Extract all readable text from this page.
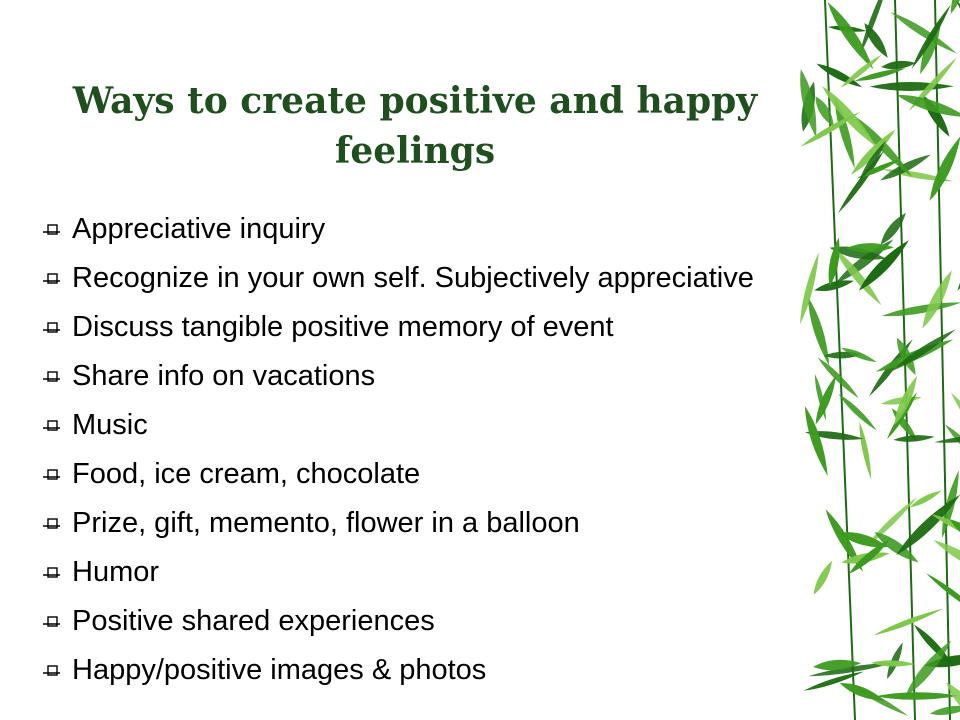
Ways to create positive and happy feelings
Appreciative inquiry
Recognize in your own self. Subjectively appreciative
Discuss tangible positive memory of event
Share info on vacations
Music
Food, ice cream, chocolate
Prize, gift, memento, flower in a balloon
Humor
Positive shared experiences
Happy/positive images & photos
